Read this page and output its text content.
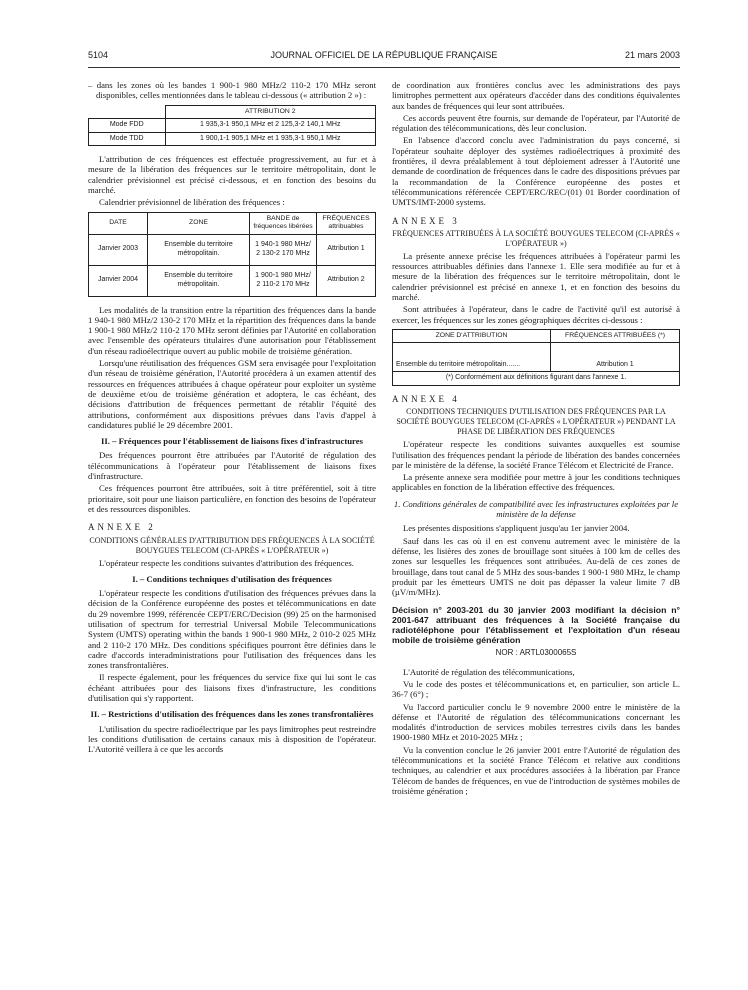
5104	JOURNAL OFFICIEL DE LA RÉPUBLIQUE FRANÇAISE	21 mars 2003

– dans les zones où les bandes 1 900-1 980 MHz/2 110-2 170 MHz seront disponibles, celles mentionnées dans le tableau ci-dessous (« attribution 2 ») :

	ATTRIBUTION 2
Mode FDD	1 935,3-1 950,1 MHz et 2 125,3-2 140,1 MHz
Mode TDD	1 900,1-1 905,1 MHz et 1 935,3-1 950,1 MHz

L'attribution de ces fréquences est effectuée progressivement, au fur et à mesure de la libération des fréquences sur le territoire métropolitain, dont le calendrier prévisionnel est précisé ci-dessous, et en fonction des besoins du marché.

Calendrier prévisionnel de libération des fréquences :

DATE	ZONE	BANDE de fréquences libérées	FRÉQUENCES attribuables
Janvier 2003	Ensemble du territoire métropolitain.	1 940-1 980 MHz/ 2 130-2 170 MHz	Attribution 1
Janvier 2004	Ensemble du territoire métropolitain.	1 900-1 980 MHz/ 2 110-2 170 MHz	Attribution 2

Les modalités de la transition entre la répartition des fréquences dans la bande 1 940-1 980 MHz/2 130-2 170 MHz et la répartition des fréquences dans la bande 1 900-1 980 MHz/2 110-2 170 MHz seront définies par l'Autorité en collaboration avec l'ensemble des opérateurs titulaires d'une autorisation pour l'établissement d'un réseau radioélectrique ouvert au public mobile de troisième génération.

Lorsqu'une réutilisation des fréquences GSM sera envisagée pour l'exploitation d'un réseau de troisième génération, l'Autorité procédera à un examen attentif des ressources en fréquences attribuées à chaque opérateur pour exploiter un système de deuxième et/ou de troisième génération et adoptera, le cas échéant, des décisions d'attribution de fréquences permettant de rétablir l'équité des attributions, conformément aux dispositions prévues dans l'avis d'appel à candidatures publié le 29 décembre 2001.

II. – Fréquences pour l'établissement de liaisons fixes d'infrastructures

Des fréquences pourront être attribuées par l'Autorité de régulation des télécommunications à l'opérateur pour l'établissement de liaisons fixes d'infrastructure.

Ces fréquences pourront être attribuées, soit à titre préférentiel, soit à titre prioritaire, soit pour une liaison particulière, en fonction des besoins de l'opérateur et des ressources disponibles.

ANNEXE 2

CONDITIONS GÉNÉRALES D'ATTRIBUTION DES FRÉQUENCES À LA SOCIÉTÉ BOUYGUES TELECOM (CI-APRÈS « L'OPÉRATEUR »)

L'opérateur respecte les conditions suivantes d'attribution des fréquences.

I. – Conditions techniques d'utilisation des fréquences

L'opérateur respecte les conditions d'utilisation des fréquences prévues dans la décision de la Conférence européenne des postes et télécommunications en date du 29 novembre 1999, référencée CEPT/ERC/Decision (99) 25 on the harmonised utilisation of spectrum for terrestrial Universal Mobile Telecommunications System (UMTS) operating within the bands 1 900-1 980 MHz, 2 010-2 025 MHz and 2 110-2 170 MHz. Des conditions spécifiques pourront être définies dans le cadre d'accords interadministrations pour l'utilisation des fréquences dans les zones transfrontalières.

Il respecte également, pour les fréquences du service fixe qui lui sont le cas échéant attribuées pour des liaisons fixes d'infrastructure, les conditions d'utilisation qui s'y rapportent.

II. – Restrictions d'utilisation des fréquences dans les zones transfrontalières

L'utilisation du spectre radioélectrique par les pays limitrophes peut restreindre les conditions d'utilisation de certains canaux mis à disposition de l'opérateur. L'Autorité veillera à ce que les accords

de coordination aux frontières conclus avec les administrations des pays limitrophes permettent aux opérateurs d'accéder dans des conditions équivalentes aux bandes de fréquences qui leur sont attribuées.

Ces accords peuvent être fournis, sur demande de l'opérateur, par l'Autorité de régulation des télécommunications, dès leur conclusion.

En l'absence d'accord conclu avec l'administration du pays concerné, si l'opérateur souhaite déployer des systèmes radioélectriques à proximité des frontières, il devra préalablement à tout déploiement adresser à l'Autorité une demande de coordination de fréquences dans le cadre des dispositions prévues par la recommandation de la Conférence européenne des postes et télécommunications référencée CEPT/ERC/REC/(01) 01 Border coordination of UMTS/IMT-2000 systems.

ANNEXE 3

FRÉQUENCES ATTRIBUÉES À LA SOCIÉTÉ BOUYGUES TELECOM (CI-APRÈS « L'OPÉRATEUR »)

La présente annexe précise les fréquences attribuées à l'opérateur parmi les ressources attribuables définies dans l'annexe 1. Elle sera modifiée au fur et à mesure de la libération des fréquences sur le territoire métropolitain, dont le calendrier prévisionnel est précisé en annexe 1, et en fonction des besoins du marché.

Sont attribuées à l'opérateur, dans le cadre de l'activité qu'il est autorisé à exercer, les fréquences sur les zones géographiques décrites ci-dessous :

ZONE D'ATTRIBUTION	FRÉQUENCES ATTRIBUÉES (*)
Ensemble du territoire métropolitain.......	Attribution 1
(*) Conformément aux définitions figurant dans l'annexe 1.	

ANNEXE 4

CONDITIONS TECHNIQUES D'UTILISATION DES FRÉQUENCES PAR LA SOCIÉTÉ BOUYGUES TELECOM (CI-APRÈS « L'OPÉRATEUR ») PENDANT LA PHASE DE LIBÉRATION DES FRÉQUENCES

L'opérateur respecte les conditions suivantes auxquelles est soumise l'utilisation des fréquences pendant la période de libération des bandes concernées par le ministère de la défense, la société France Télécom et Electricité de France.

La présente annexe sera modifiée pour mettre à jour les conditions techniques applicables en fonction de la libération effective des fréquences.

1. Conditions générales de compatibilité avec les infrastructures exploitées par le ministère de la défense

Les présentes dispositions s'appliquent jusqu'au 1er janvier 2004.

Sauf dans les cas où il en est convenu autrement avec le ministère de la défense, les lisières des zones de brouillage sont situées à 100 km de celles des zones sur lesquelles les fréquences sont attribuées. Au-delà de ces zones de brouillage, dans tout canal de 5 MHz des sous-bandes 1 900-1 980 MHz, le champ produit par les émetteurs UMTS ne doit pas dépasser la valeur limite 7 dB (µV/m/MHz).

Décision n° 2003-201 du 30 janvier 2003 modifiant la décision n° 2001-647 attribuant des fréquences à la Société française du radiotéléphone pour l'établissement et l'exploitation d'un réseau mobile de troisième génération

NOR : ARTL0300065S

L'Autorité de régulation des télécommunications,

Vu le code des postes et télécommunications et, en particulier, son article L. 36-7 (6°) ;

Vu l'accord particulier conclu le 9 novembre 2000 entre le ministère de la défense et l'Autorité de régulation des télécommunications concernant les modalités d'introduction de services mobiles terrestres civils dans les bandes 1900-1980 MHz et 2010-2025 MHz ;

Vu la convention conclue le 26 janvier 2001 entre l'Autorité de régulation des télécommunications et la société France Télécom et relative aux conditions techniques, au calendrier et aux procédures associées à la libération par France Télécom de bandes de fréquences, en vue de l'introduction de systèmes mobiles de troisième génération ;
